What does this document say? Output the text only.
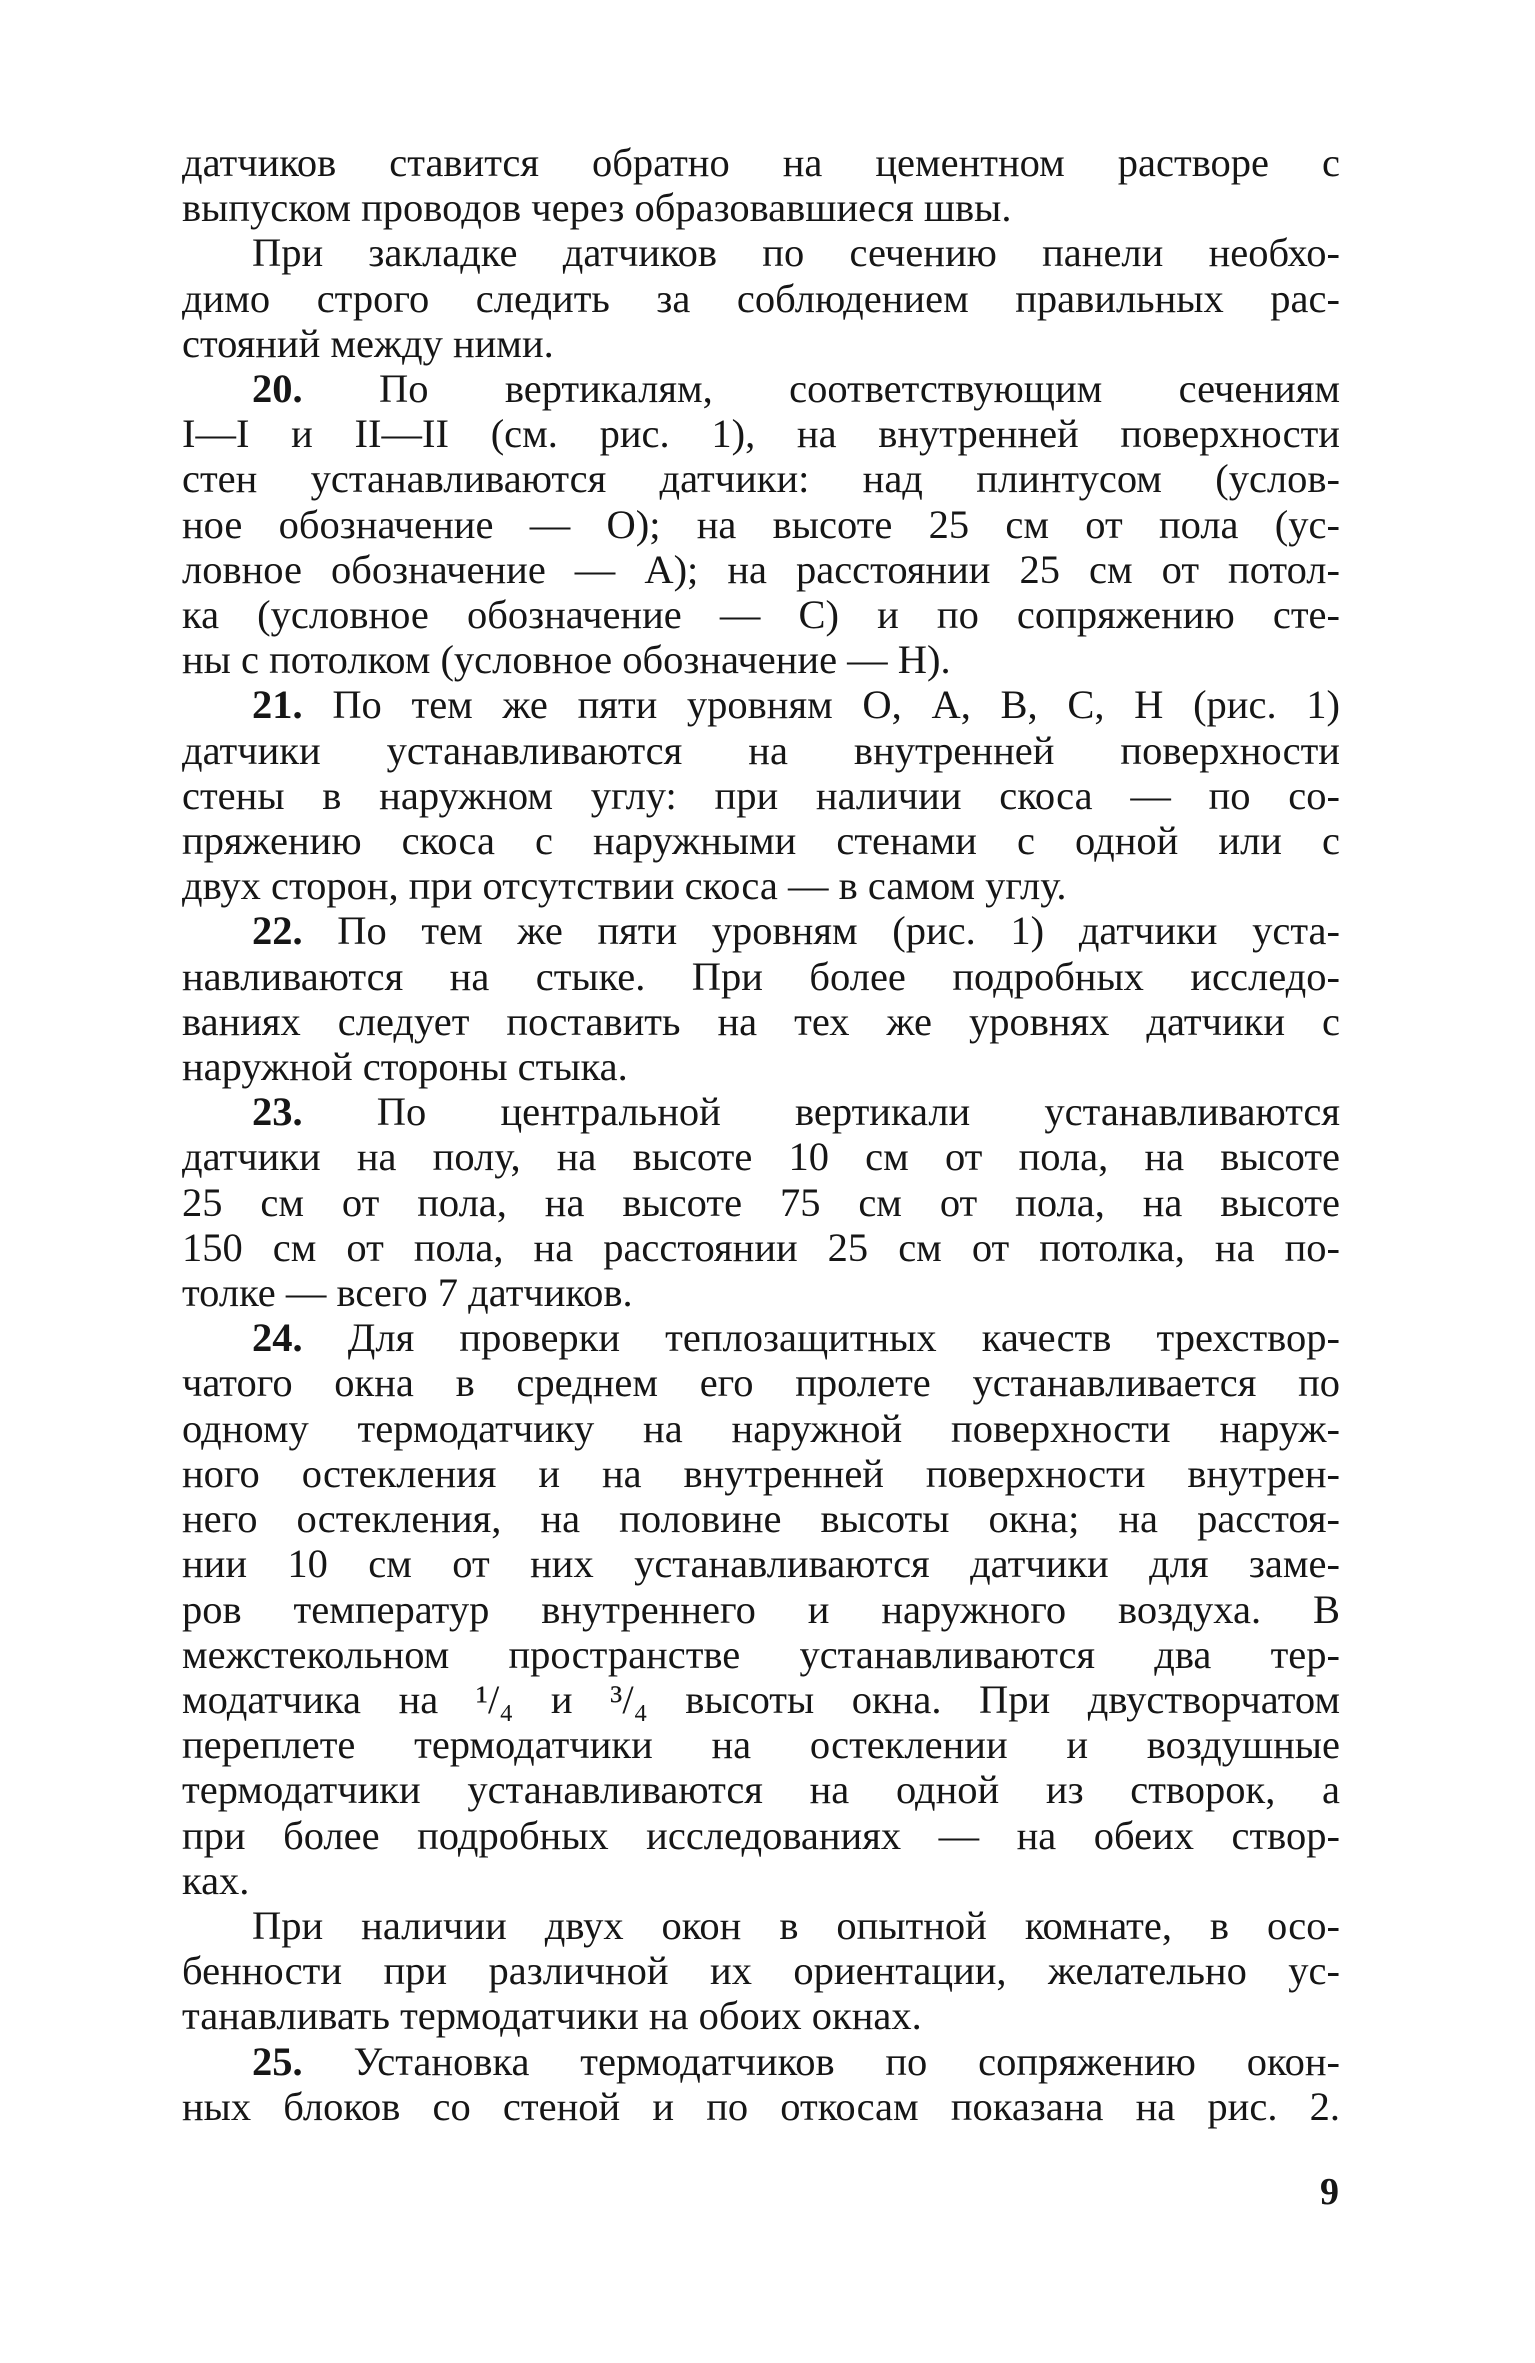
датчиков ставится обратно на цементном растворе с
выпуском проводов через образовавшиеся швы.
При закладке датчиков по сечению панели необхо-
димо строго следить за соблюдением правильных рас-
стояний между ними.
20. По вертикалям, соответствующим сечениям
I—I и II—II (см. рис. 1), на внутренней поверхности
стен устанавливаются датчики: над плинтусом (услов-
ное обозначение — О); на высоте 25 см от пола (ус-
ловное обозначение — А); на расстоянии 25 см от потол-
ка (условное обозначение — С) и по сопряжению сте-
ны с потолком (условное обозначение — Н).
21. По тем же пяти уровням О, А, В, С, Н (рис. 1)
датчики устанавливаются на внутренней поверхности
стены в наружном углу: при наличии скоса — по со-
пряжению скоса с наружными стенами с одной или с
двух сторон, при отсутствии скоса — в самом углу.
22. По тем же пяти уровням (рис. 1) датчики уста-
навливаются на стыке. При более подробных исследо-
ваниях следует поставить на тех же уровнях датчики с
наружной стороны стыка.
23. По центральной вертикали устанавливаются
датчики на полу, на высоте 10 см от пола, на высоте
25 см от пола, на высоте 75 см от пола, на высоте
150 см от пола, на расстоянии 25 см от потолка, на по-
толке — всего 7 датчиков.
24. Для проверки теплозащитных качеств трехствор-
чатого окна в среднем его пролете устанавливается по
одному термодатчику на наружной поверхности наруж-
ного остекления и на внутренней поверхности внутрен-
него остекления, на половине высоты окна; на расстоя-
нии 10 см от них устанавливаются датчики для заме-
ров температур внутреннего и наружного воздуха. В
межстекольном пространстве устанавливаются два тер-
модатчика на ¹/₄ и ³/₄ высоты окна. При двустворчатом
переплете термодатчики на остеклении и воздушные
термодатчики устанавливаются на одной из створок, а
при более подробных исследованиях — на обеих створ-
ках.
При наличии двух окон в опытной комнате, в осо-
бенности при различной их ориентации, желательно ус-
танавливать термодатчики на обоих окнах.
25. Установка термодатчиков по сопряжению окон-
ных блоков со стеной и по откосам показана на рис. 2.
9
